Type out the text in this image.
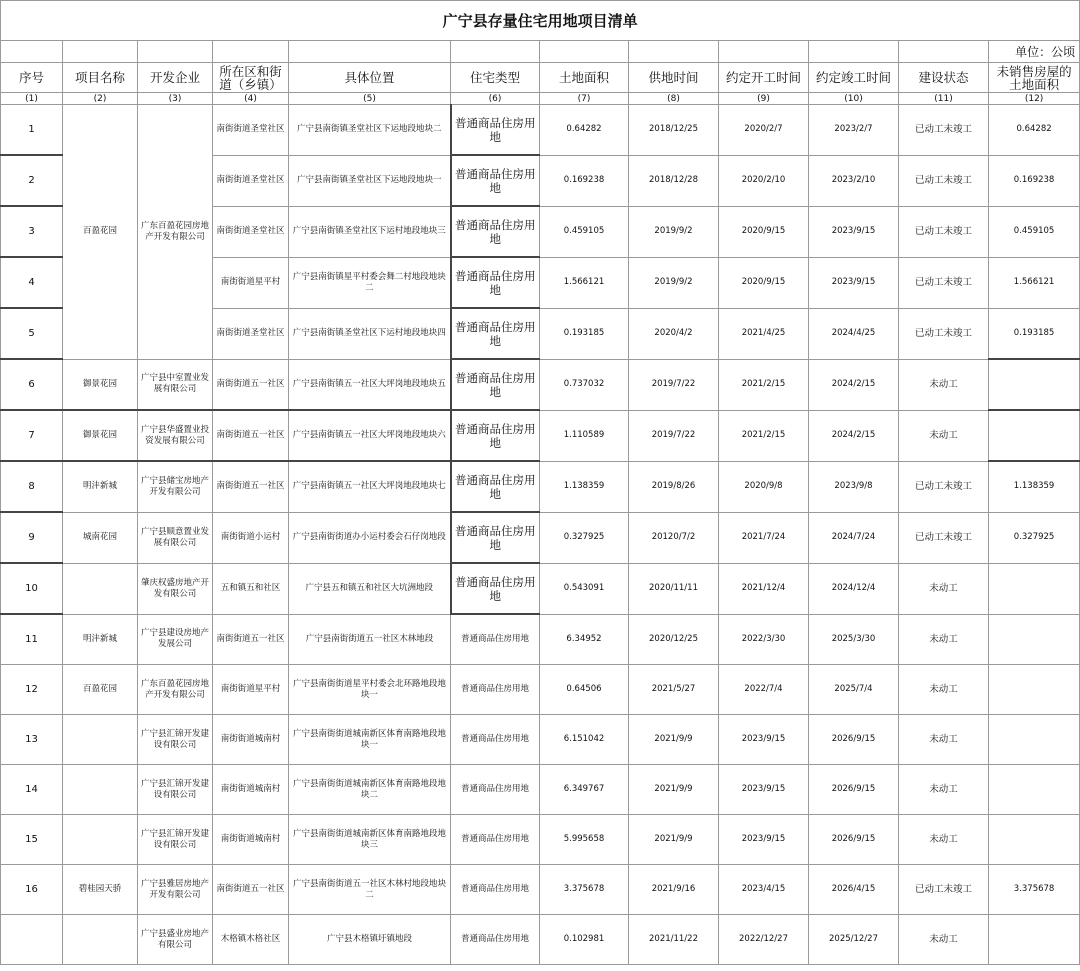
广宁县存量住宅用地项目清单											
											单位：公顷
序号	项目名称	开发企业	所在区和街道（乡镇）	具体位置	住宅类型	土地面积	供地时间	约定开工时间	约定竣工时间	建设状态	未销售房屋的土地面积
(1)	(2)	(3)	(4)	(5)	(6)	(7)	(8)	(9)	(10)	(11)	(12)
1	百盈花园	广东百盈花园房地产开发有限公司	南街街道圣堂社区	广宁县南街镇圣堂社区下运地段地块二	普通商品住房用地	0.64282	2018/12/25	2020/2/7	2023/2/7	已动工未竣工	0.64282
2			南街街道圣堂社区	广宁县南街镇圣堂社区下运地段地块一	普通商品住房用地	0.169238	2018/12/28	2020/2/10	2023/2/10	已动工未竣工	0.169238
3			南街街道圣堂社区	广宁县南街镇圣堂社区下运村地段地块三	普通商品住房用地	0.459105	2019/9/2	2020/9/15	2023/9/15	已动工未竣工	0.459105
4			南街街道星平村	广宁县南街镇星平村委会舞二村地段地块二	普通商品住房用地	1.566121	2019/9/2	2020/9/15	2023/9/15	已动工未竣工	1.566121
5			南街街道圣堂社区	广宁县南街镇圣堂社区下运村地段地块四	普通商品住房用地	0.193185	2020/4/2	2021/4/25	2024/4/25	已动工未竣工	0.193185
6	御景花园	广宁县中室置业发展有限公司	南街街道五一社区	广宁县南街镇五一社区大坪岗地段地块五	普通商品住房用地	0.737032	2019/7/22	2021/2/15	2024/2/15	未动工	
7	御景花园	广宁县华盛置业投资发展有限公司	南街街道五一社区	广宁县南街镇五一社区大坪岗地段地块六	普通商品住房用地	1.110589	2019/7/22	2021/2/15	2024/2/15	未动工	
8	明沣新城	广宁县储宝房地产开发有限公司	南街街道五一社区	广宁县南街镇五一社区大坪岗地段地块七	普通商品住房用地	1.138359	2019/8/26	2020/9/8	2023/9/8	已动工未竣工	1.138359
9	城南花园	广宁县顺意置业发展有限公司	南街街道小运村	广宁县南街街道办小运村委会石仔岗地段	普通商品住房用地	0.327925	20120/7/2	2021/7/24	2024/7/24	已动工未竣工	0.327925
10		肇庆权盛房地产开发有限公司	五和镇五和社区	广宁县五和镇五和社区大坑洲地段	普通商品住房用地	0.543091	2020/11/11	2021/12/4	2024/12/4	未动工	
11	明沣新城	广宁县建设房地产发展公司	南街街道五一社区	广宁县南街街道五一社区木林地段	普通商品住房用地	6.34952	2020/12/25	2022/3/30	2025/3/30	未动工	
12	百盈花园	广东百盈花园房地产开发有限公司	南街街道星平村	广宁县南街街道星平村委会北环路地段地块一	普通商品住房用地	0.64506	2021/5/27	2022/7/4	2025/7/4	未动工	
13		广宁县汇锦开发建设有限公司	南街街道城南村	广宁县南街街道城南新区体育南路地段地块一	普通商品住房用地	6.151042	2021/9/9	2023/9/15	2026/9/15	未动工	
14		广宁县汇锦开发建设有限公司	南街街道城南村	广宁县南街街道城南新区体育南路地段地块二	普通商品住房用地	6.349767	2021/9/9	2023/9/15	2026/9/15	未动工	
15		广宁县汇锦开发建设有限公司	南街街道城南村	广宁县南街街道城南新区体育南路地段地块三	普通商品住房用地	5.995658	2021/9/9	2023/9/15	2026/9/15	未动工	
16	碧桂园天骄	广宁县雅居房地产开发有限公司	南街街道五一社区	广宁县南街街道五一社区木林村地段地块二	普通商品住房用地	3.375678	2021/9/16	2023/4/15	2026/4/15	已动工未竣工	3.375678
		广宁县盛业房地产有限公司	木格镇木格社区	广宁县木格镇圩镇地段	普通商品住房用地	0.102981	2021/11/22	2022/12/27	2025/12/27	未动工	
